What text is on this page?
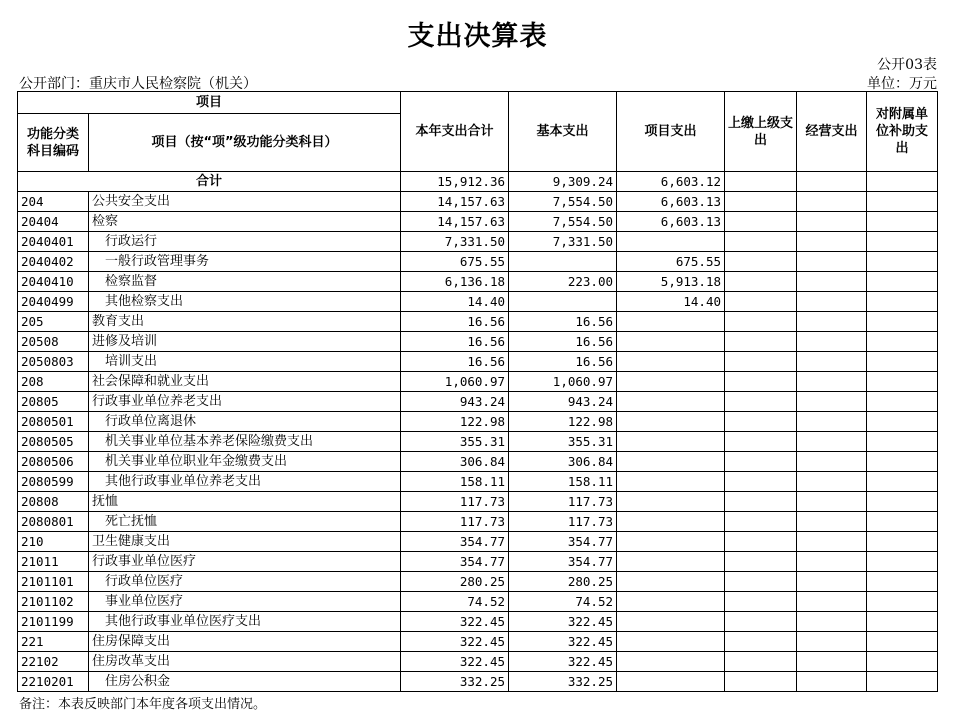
支出决算表
公开03表
公开部门：重庆市人民检察院（机关）	单位：万元
项目		本年支出合计	基本支出	项目支出	上缴上级支出	经营支出	对附属单位补助支出
功能分类科目编码	项目（按“项”级功能分类科目）						
合计		15,912.36	9,309.24	6,603.12			
204	公共安全支出	14,157.63	7,554.50	6,603.13			
20404	检察	14,157.63	7,554.50	6,603.13			
2040401	行政运行	7,331.50	7,331.50				
2040402	一般行政管理事务	675.55		675.55			
2040410	检察监督	6,136.18	223.00	5,913.18			
2040499	其他检察支出	14.40		14.40			
205	教育支出	16.56	16.56				
20508	进修及培训	16.56	16.56				
2050803	培训支出	16.56	16.56				
208	社会保障和就业支出	1,060.97	1,060.97				
20805	行政事业单位养老支出	943.24	943.24				
2080501	行政单位离退休	122.98	122.98				
2080505	机关事业单位基本养老保险缴费支出	355.31	355.31				
2080506	机关事业单位职业年金缴费支出	306.84	306.84				
2080599	其他行政事业单位养老支出	158.11	158.11				
20808	抚恤	117.73	117.73				
2080801	死亡抚恤	117.73	117.73				
210	卫生健康支出	354.77	354.77				
21011	行政事业单位医疗	354.77	354.77				
2101101	行政单位医疗	280.25	280.25				
2101102	事业单位医疗	74.52	74.52				
2101199	其他行政事业单位医疗支出	322.45	322.45				
221	住房保障支出	322.45	322.45				
22102	住房改革支出	322.45	322.45				
2210201	住房公积金	332.25	332.25				
备注：本表反映部门本年度各项支出情况。
